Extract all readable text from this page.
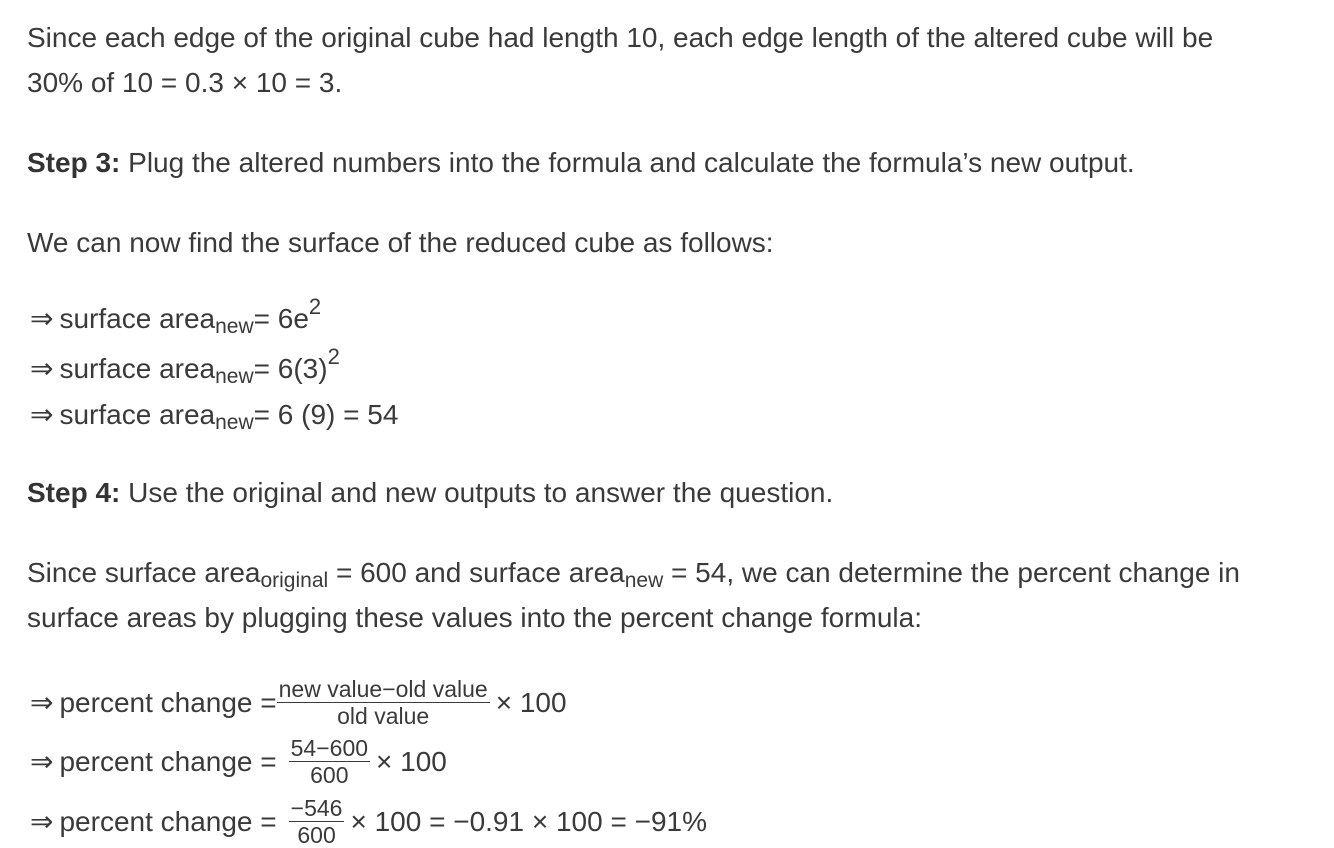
Since each edge of the original cube had length 10, each edge length of the altered cube will be
30% of 10 = 0.3 × 10 = 3.
Step 3: Plug the altered numbers into the formula and calculate the formula’s new output.
We can now find the surface of the reduced cube as follows:
⇒ surface area new = 6e 2
⇒ surface area new = 6(3) 2
⇒ surface area new = 6 (9) = 54
Step 4: Use the original and new outputs to answer the question.
Since surface areaoriginal = 600 and surface areanew = 54, we can determine the percent change in
surface areas by plugging these values into the percent change formula:
⇒ percent change = $\frac{\text{new value−old value}}{\text{old value}} \times 100$
⇒ percent change = $\frac{54-600}{600} \times 100$
⇒ percent change = $\frac{-546}{600} \times 100 = -0.91 \times 100 = -91\%$
